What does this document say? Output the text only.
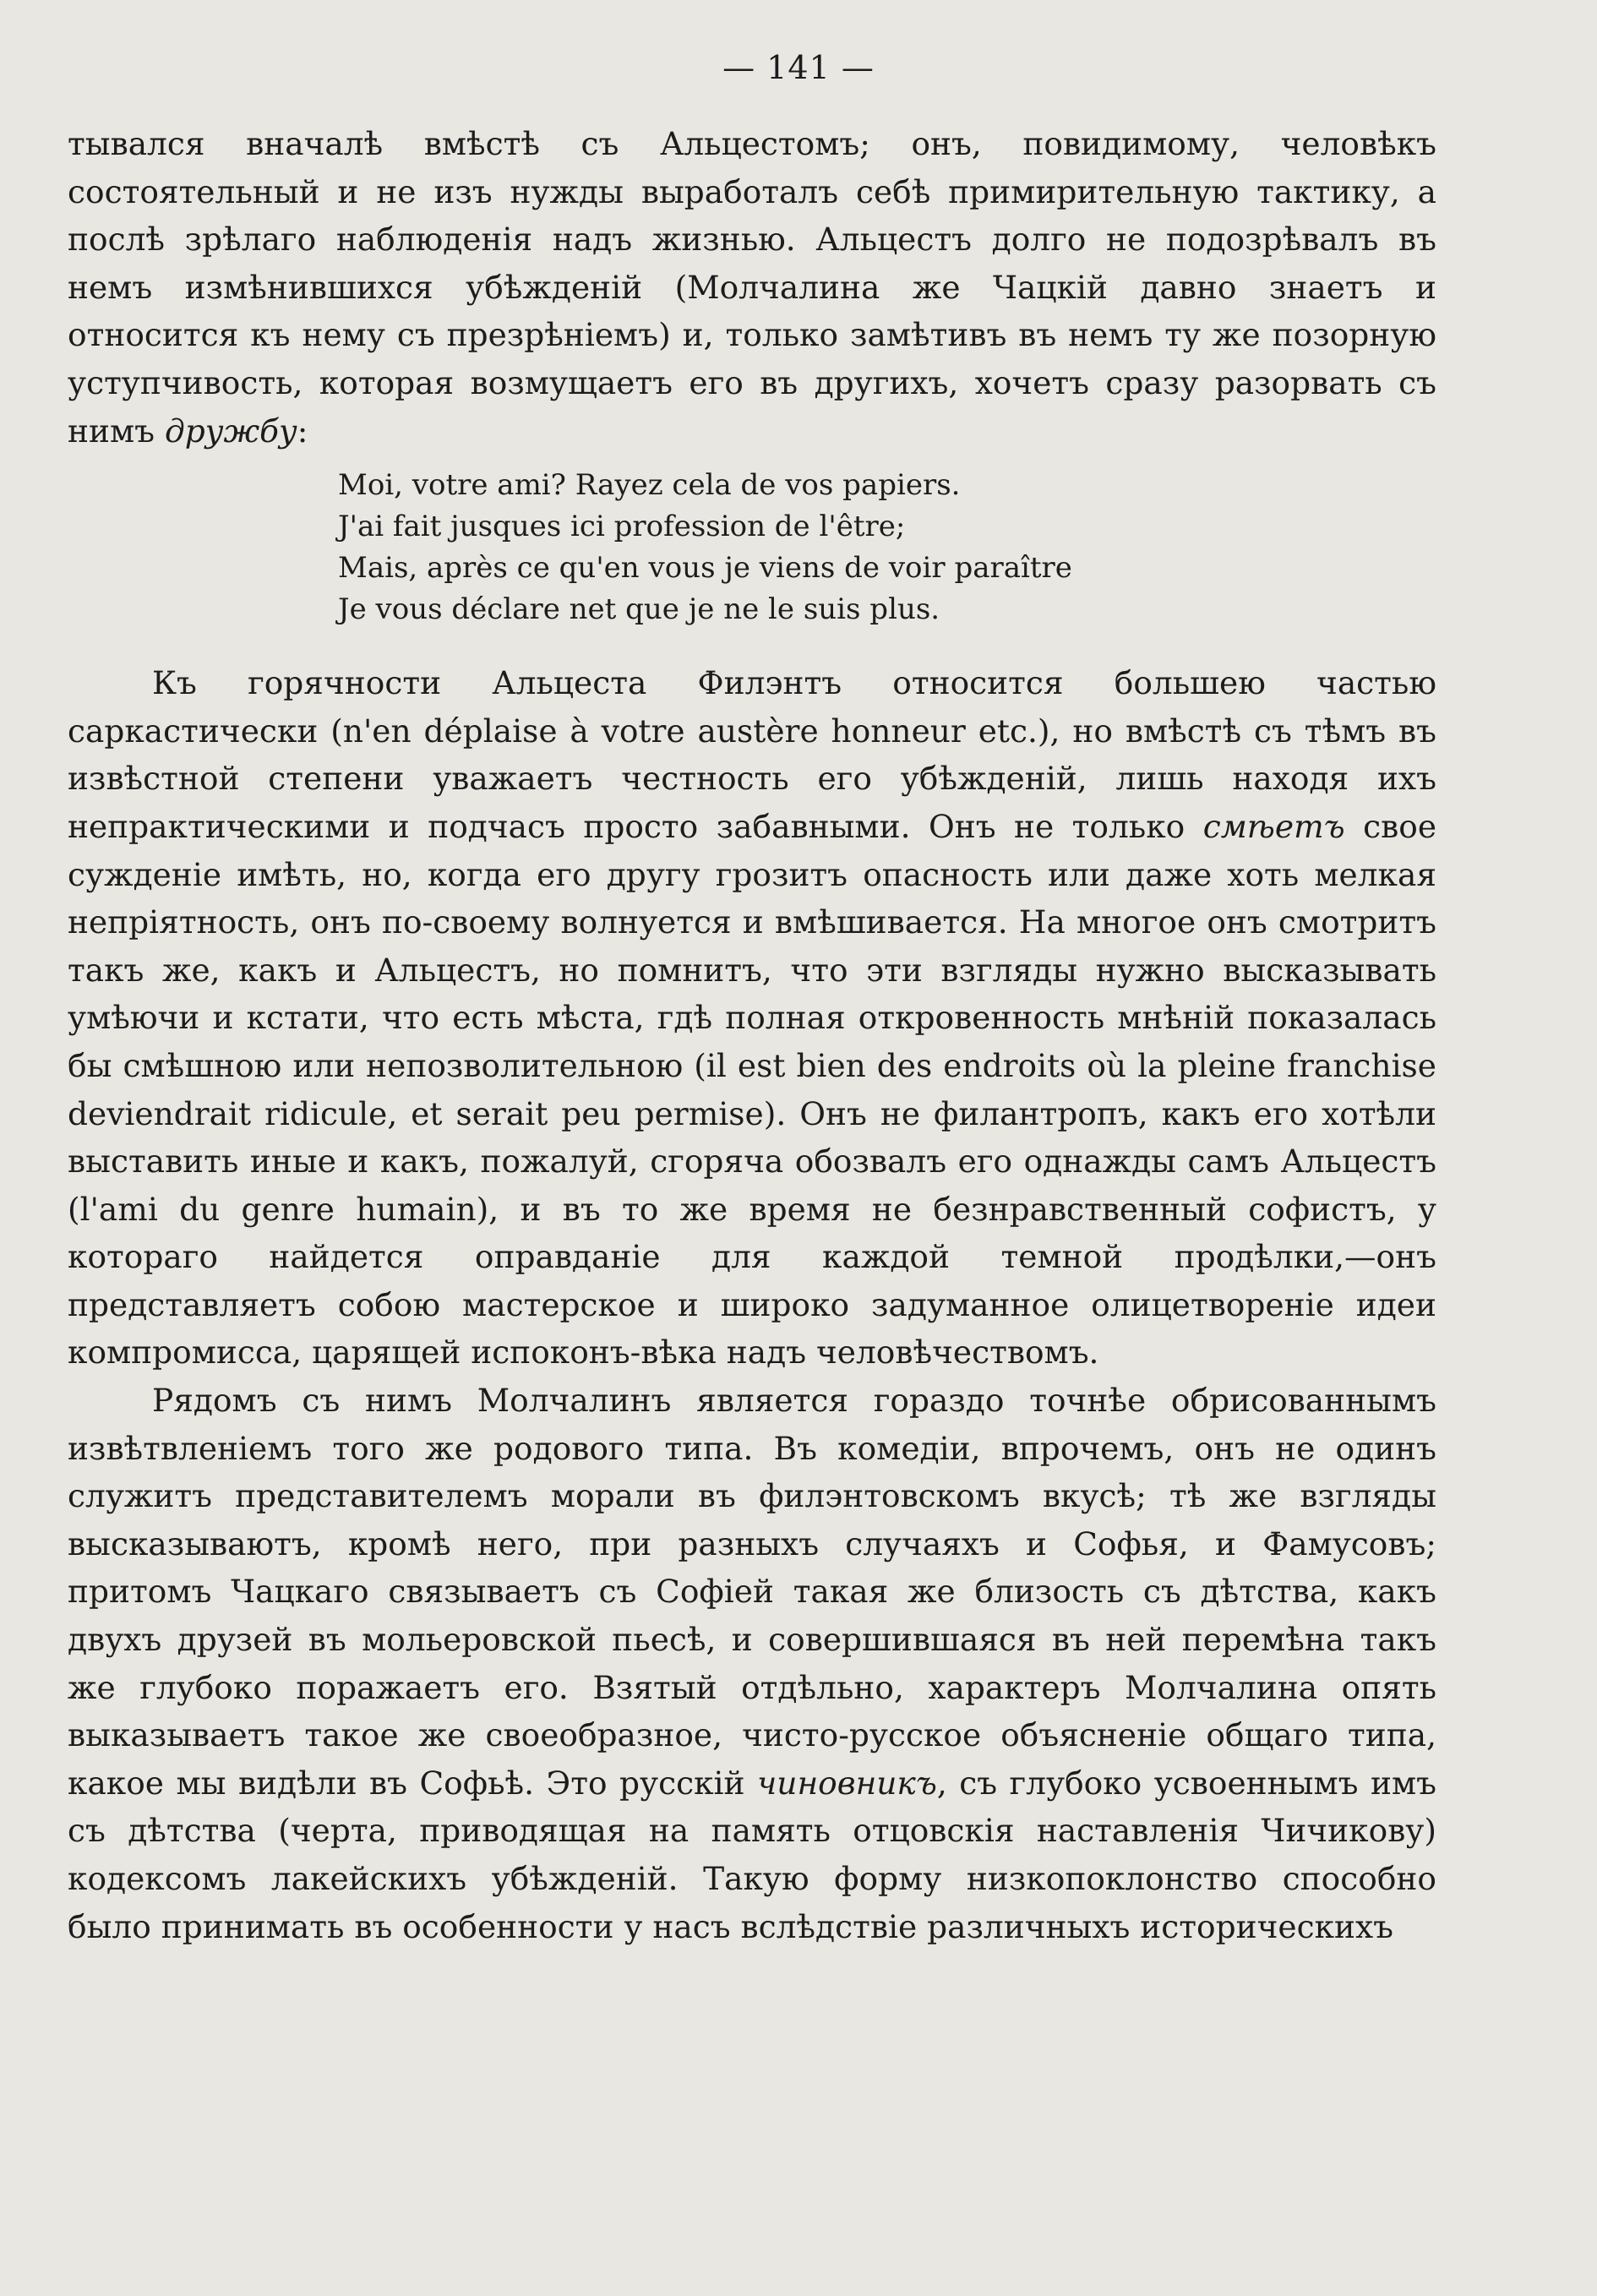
— 141 —

тывался вначалѣ вмѣстѣ съ Альцестомъ; онъ, повидимому, человѣкъ состоятельный и не изъ нужды выработалъ себѣ примирительную тактику, а послѣ зрѣлаго наблюденія надъ жизнью. Альцестъ долго не подозрѣвалъ въ немъ измѣнившихся убѣжденій (Молчалина же Чацкій давно знаетъ и относится къ нему съ презрѣніемъ) и, только замѣтивъ въ немъ ту же позорную уступчивость, которая возмущаетъ его въ другихъ, хочетъ сразу разорвать съ нимъ дружбу:

Moi, votre ami? Rayez cela de vos papiers.
J'ai fait jusques ici profession de l'être;
Mais, après ce qu'en vous je viens de voir paraître
Je vous déclare net que je ne le suis plus.

Къ горячности Альцеста Филэнтъ относится большею частью саркастически (n'en déplaise à votre austère honneur etc.), но вмѣстѣ съ тѣмъ въ извѣстной степени уважаетъ честность его убѣжденій, лишь находя ихъ непрактическими и подчасъ просто забавными. Онъ не только смѣетъ свое сужденіе имѣть, но, когда его другу грозитъ опасность или даже хоть мелкая непріятность, онъ по-своему волнуется и вмѣшивается. На многое онъ смотритъ такъ же, какъ и Альцестъ, но помнитъ, что эти взгляды нужно высказывать умѣючи и кстати, что есть мѣста, гдѣ полная откровенность мнѣній показалась бы смѣшною или непозволительною (il est bien des endroits où la pleine franchise deviendrait ridicule, et serait peu permise). Онъ не филантропъ, какъ его хотѣли выставить иные и какъ, пожалуй, сгоряча обозвалъ его однажды самъ Альцестъ (l'ami du genre humain), и въ то же время не безнравственный софистъ, у котораго найдется оправданіе для каждой темной продѣлки,—онъ представляетъ собою мастерское и широко задуманное олицетвореніе идеи компромисса, царящей испоконъ-вѣка надъ человѣчествомъ.

Рядомъ съ нимъ Молчалинъ является гораздо точнѣе обрисованнымъ извѣтвленіемъ того же родового типа. Въ комедіи, впрочемъ, онъ не одинъ служитъ представителемъ морали въ филэнтовскомъ вкусѣ; тѣ же взгляды высказываютъ, кромѣ него, при разныхъ случаяхъ и Софья, и Фамусовъ; притомъ Чацкаго связываетъ съ Софіей такая же близость съ дѣтства, какъ двухъ друзей въ мольеровской пьесѣ, и совершившаяся въ ней перемѣна такъ же глубоко поражаетъ его. Взятый отдѣльно, характеръ Молчалина опять выказываетъ такое же своеобразное, чисто-русское объясненіе общаго типа, какое мы видѣли въ Софьѣ. Это русскій чиновникъ, съ глубоко усвоеннымъ имъ съ дѣтства (черта, приводящая на память отцовскія наставленія Чичикову) кодексомъ лакейскихъ убѣжденій. Такую форму низкопоклонство способно было принимать въ особенности у насъ вслѣдствіе различныхъ историческихъ
